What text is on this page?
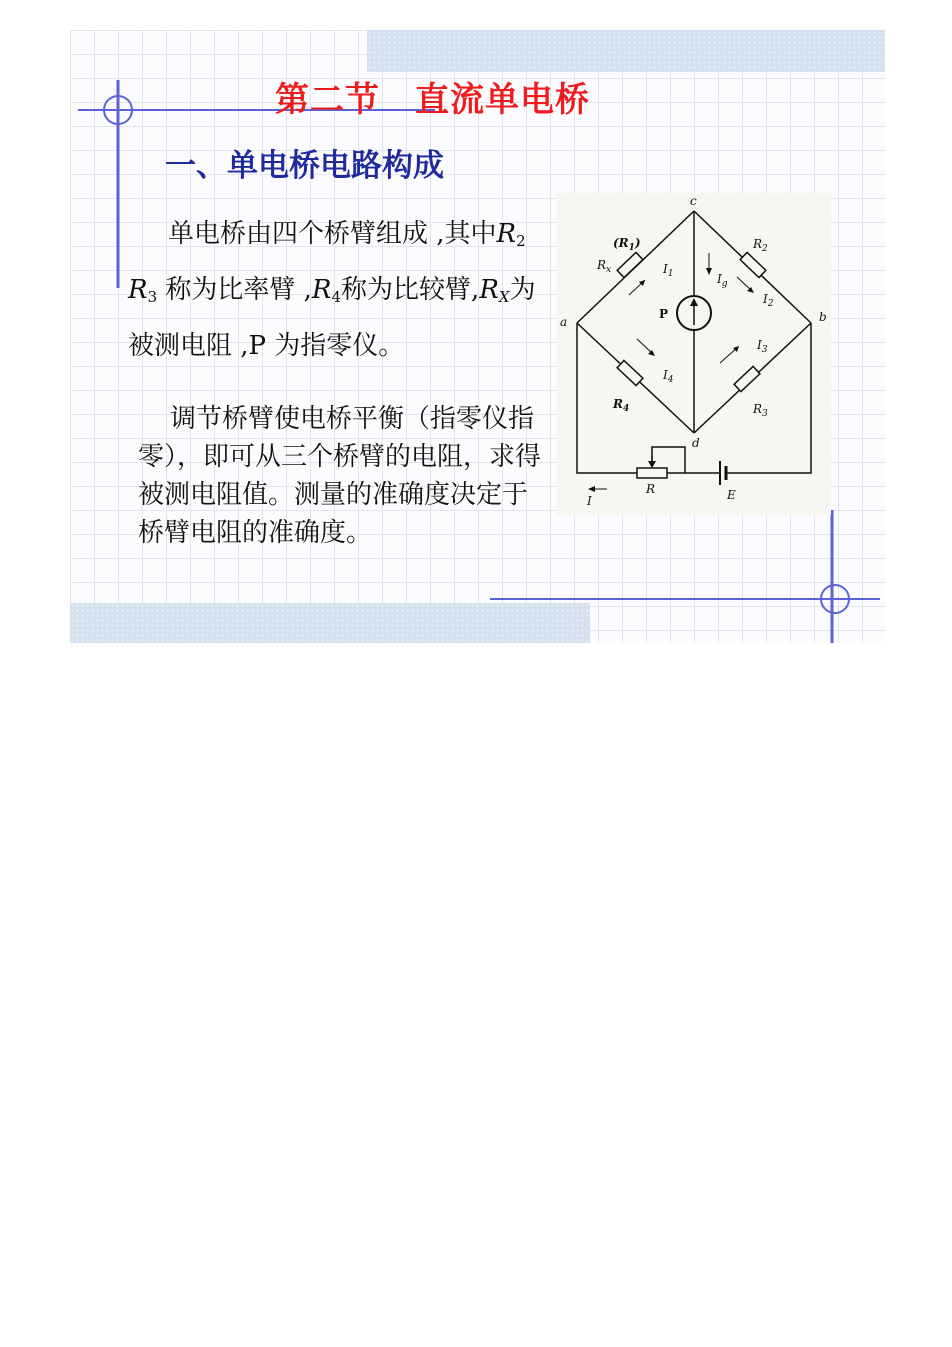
第二节　直流单电桥
一、单电桥电路构成

单电桥由四个桥臂组成 ,其中$R_2$ $R_3$ 称为比率臂 $,R_4$称为比较臂$,R_X$为被测电阻 ,P 为指零仪。

调节桥臂使电桥平衡（指零仪指零），即可从三个桥臂的电阻，求得被测电阻值。测量的准确度决定于桥臂电阻的准确度。

c
a	b
d
$(R_1)$
$R_x$
$R_2$
$R_4$	$R_3$
$I_1$	$I_g$
$I_2$
$I_4$
$I_3$
P
R
I	E
